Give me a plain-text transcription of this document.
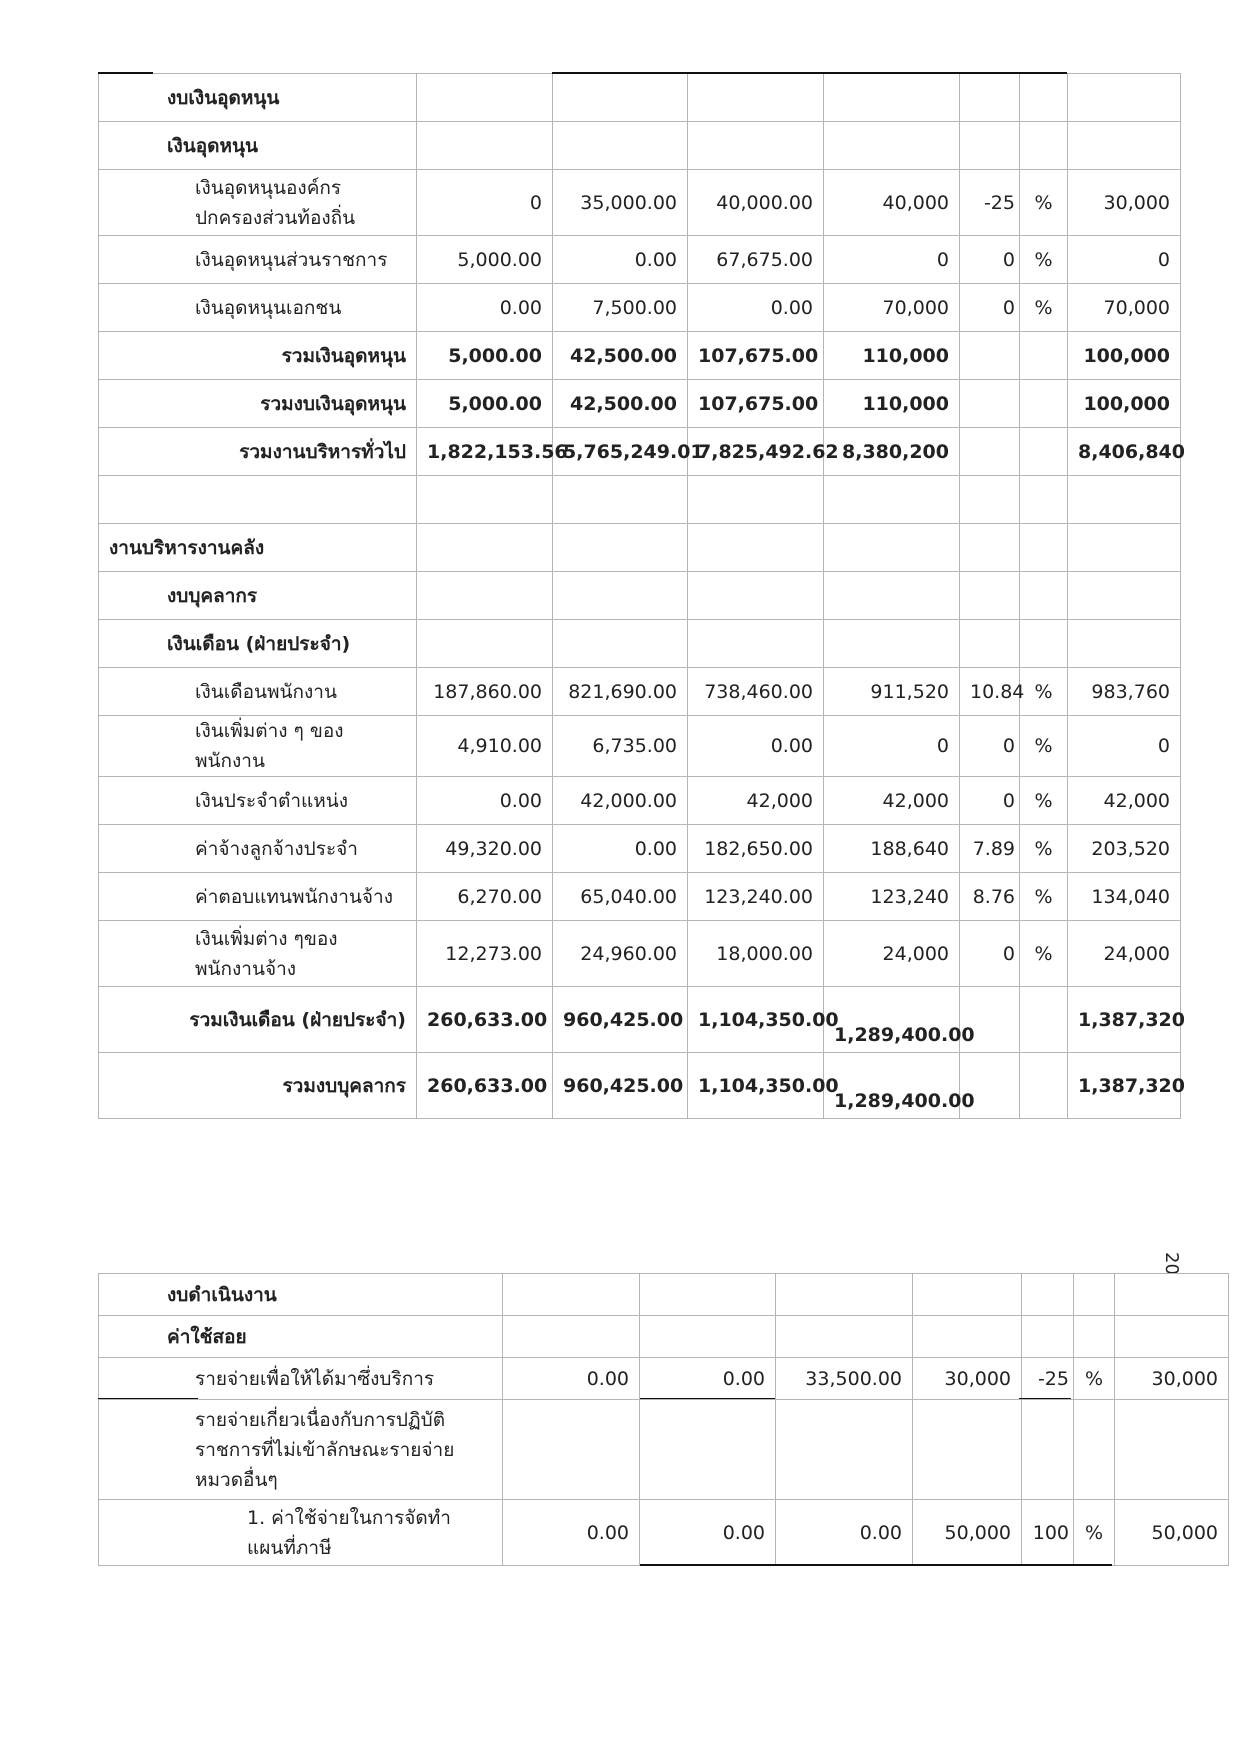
งบเงินอุดหนุน							
เงินอุดหนุน							
เงินอุดหนุนองค์กรปกครองส่วนท้องถิ่น	0	35,000.00	40,000.00	40,000	-25	%	30,000
เงินอุดหนุนส่วนราชการ	5,000.00	0.00	67,675.00	0	0	%	0
เงินอุดหนุนเอกชน	0.00	7,500.00	0.00	70,000	0	%	70,000
รวมเงินอุดหนุน	5,000.00	42,500.00	107,675.00	110,000			100,000
รวมงบเงินอุดหนุน	5,000.00	42,500.00	107,675.00	110,000			100,000
รวมงานบริหารทั่วไป	1,822,153.56	5,765,249.01	7,825,492.62	8,380,200			8,406,840

งานบริหารงานคลัง							
งบบุคลากร							
เงินเดือน (ฝ่ายประจำ)							
เงินเดือนพนักงาน	187,860.00	821,690.00	738,460.00	911,520	10.84	%	983,760
เงินเพิ่มต่าง ๆ ของพนักงาน	4,910.00	6,735.00	0.00	0	0	%	0
เงินประจำตำแหน่ง	0.00	42,000.00	42,000	42,000	0	%	42,000
ค่าจ้างลูกจ้างประจำ	49,320.00	0.00	182,650.00	188,640	7.89	%	203,520
ค่าตอบแทนพนักงานจ้าง	6,270.00	65,040.00	123,240.00	123,240	8.76	%	134,040
เงินเพิ่มต่าง ๆของพนักงานจ้าง	12,273.00	24,960.00	18,000.00	24,000	0	%	24,000
รวมเงินเดือน (ฝ่ายประจำ)	260,633.00	960,425.00	1,104,350.00	1,289,400.00			1,387,320
รวมงบบุคลากร	260,633.00	960,425.00	1,104,350.00	1,289,400.00			1,387,320
20
งบดำเนินงาน							
ค่าใช้สอย							
รายจ่ายเพื่อให้ได้มาซึ่งบริการ	0.00	0.00	33,500.00	30,000	-25	%	30,000
รายจ่ายเกี่ยวเนื่องกับการปฏิบัติราชการที่ไม่เข้าลักษณะรายจ่ายหมวดอื่นๆ							
1. ค่าใช้จ่ายในการจัดทำแผนที่ภาษี	0.00	0.00	0.00	50,000	100	%	50,000
